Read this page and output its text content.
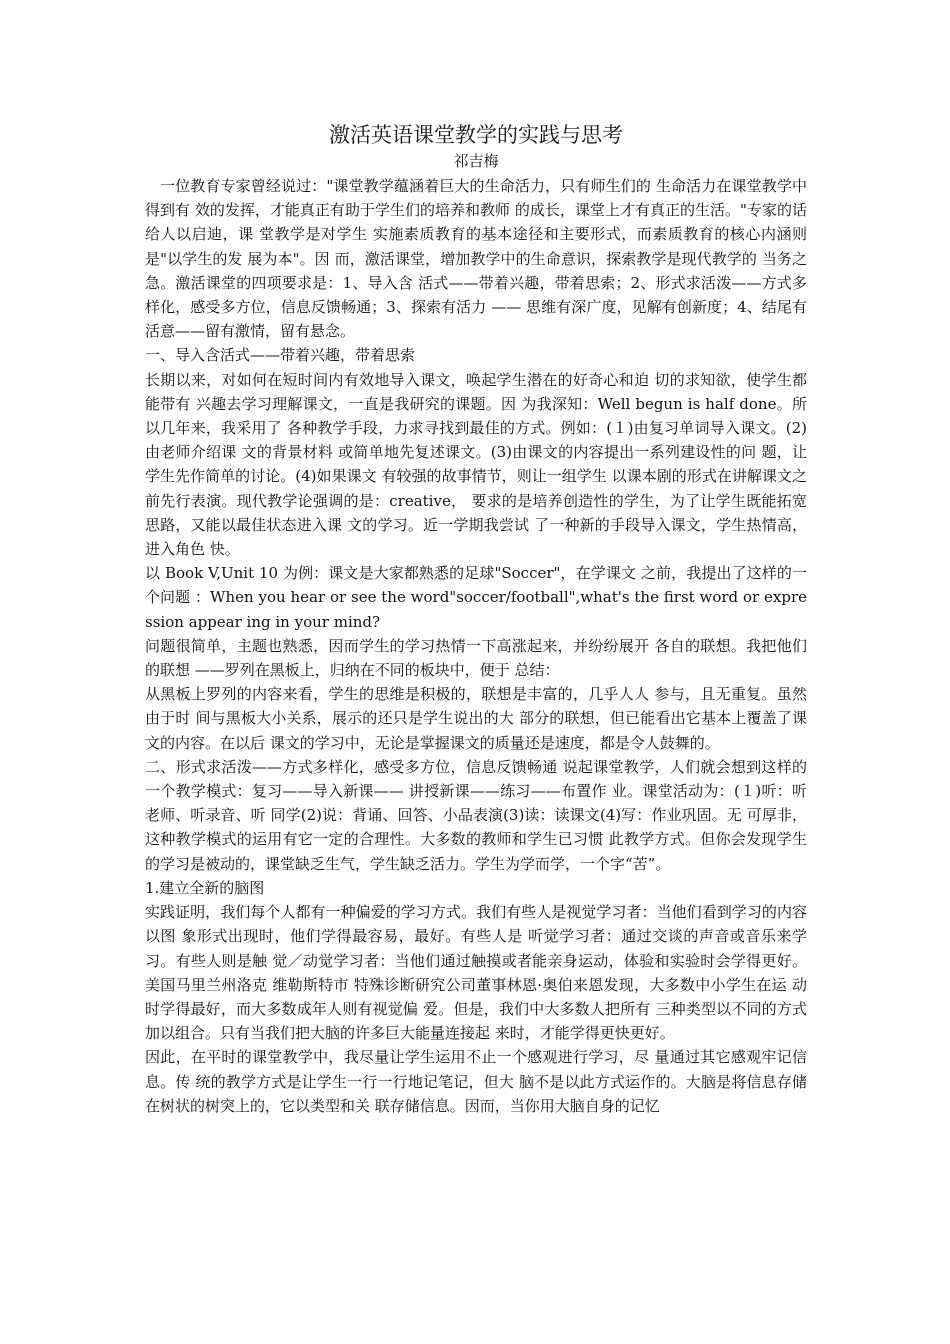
激活英语课堂教学的实践与思考
祁吉梅

一位教育专家曾经说过："课堂教学蕴涵着巨大的生命活力，只有师生们的 生命活力在课堂教学中得到有 效的发挥，才能真正有助于学生们的培养和教师 的成长，课堂上才有真正的生活。"专家的话给人以启迪，课 堂教学是对学生 实施素质教育的基本途径和主要形式，而素质教育的核心内涵则是"以学生的发 展为本"。因 而，激活课堂，增加教学中的生命意识，探索教学是现代教学的 当务之急。激活课堂的四项要求是：1、导入含 活式——带着兴趣，带着思索；2、形式求活泼——方式多样化，感受多方位，信息反馈畅通；3、探索有活力 —— 思维有深广度，见解有创新度；4、结尾有活意——留有激情，留有悬念。

一、导入含活式——带着兴趣，带着思索

长期以来，对如何在短时间内有效地导入课文，唤起学生潜在的好奇心和迫 切的求知欲，使学生都能带有 兴趣去学习理解课文，一直是我研究的课题。因 为我深知：Well begun is half done。所以几年来，我采用了 各种教学手段，力求寻找到最佳的方式。例如：(１)由复习单词导入课文。(2)由老师介绍课 文的背景材料 或简单地先复述课文。(3)由课文的内容提出一系列建设性的问 题，让学生先作简单的讨论。(4)如果课文 有较强的故事情节，则让一组学生 以课本剧的形式在讲解课文之前先行表演。现代教学论强调的是：creative， 要求的是培养创造性的学生，为了让学生既能拓宽思路，又能以最佳状态进入课 文的学习。近一学期我尝试 了一种新的手段导入课文，学生热情高，进入角色 快。

以 Book V,Unit 10 为例：课文是大家都熟悉的足球"Soccer"，在学课文 之前，我提出了这样的一个问题 ：When you hear or see the word"soccer/football",what's the first word or expression appear ing in your mind?

问题很简单，主题也熟悉，因而学生的学习热情一下高涨起来，并纷纷展开 各自的联想。我把他们的联想 ——罗列在黑板上，归纳在不同的板块中，便于 总结：

从黑板上罗列的内容来看，学生的思维是积极的，联想是丰富的，几乎人人 参与，且无重复。虽然由于时 间与黑板大小关系，展示的还只是学生说出的大 部分的联想，但已能看出它基本上覆盖了课文的内容。在以后 课文的学习中，无论是掌握课文的质量还是速度，都是令人鼓舞的。

二、形式求活泼——方式多样化，感受多方位，信息反馈畅通 说起课堂教学，人们就会想到这样的一个教学模式：复习——导入新课—— 讲授新课——练习——布置作 业。课堂活动为：(１)听：听老师、听录音、听 同学(2)说：背诵、回答、小品表演(3)读：读课文(4)写：作业巩固。无 可厚非，这种教学模式的运用有它一定的合理性。大多数的教师和学生已习惯 此教学方式。但你会发现学生的学习是被动的，课堂缺乏生气，学生缺乏活力。学生为学而学，一个字“苦”。

1.建立全新的脑图

实践证明，我们每个人都有一种偏爱的学习方式。我们有些人是视觉学习者：当他们看到学习的内容以图 象形式出现时，他们学得最容易，最好。有些人是 听觉学习者：通过交谈的声音或音乐来学习。有些人则是触 觉／动觉学习者：当他们通过触摸或者能亲身运动，体验和实验时会学得更好。美国马里兰州洛克 维勒斯特市 特殊诊断研究公司董事林恩·奥伯来恩发现，大多数中小学生在运 动时学得最好，而大多数成年人则有视觉偏 爱。但是，我们中大多数人把所有 三种类型以不同的方式加以组合。只有当我们把大脑的许多巨大能量连接起 来时，才能学得更快更好。

因此，在平时的课堂教学中，我尽量让学生运用不止一个感观进行学习，尽 量通过其它感观牢记信息。传 统的教学方式是让学生一行一行地记笔记，但大 脑不是以此方式运作的。大脑是将信息存储在树状的树突上的，它以类型和关 联存储信息。因而，当你用大脑自身的记忆
